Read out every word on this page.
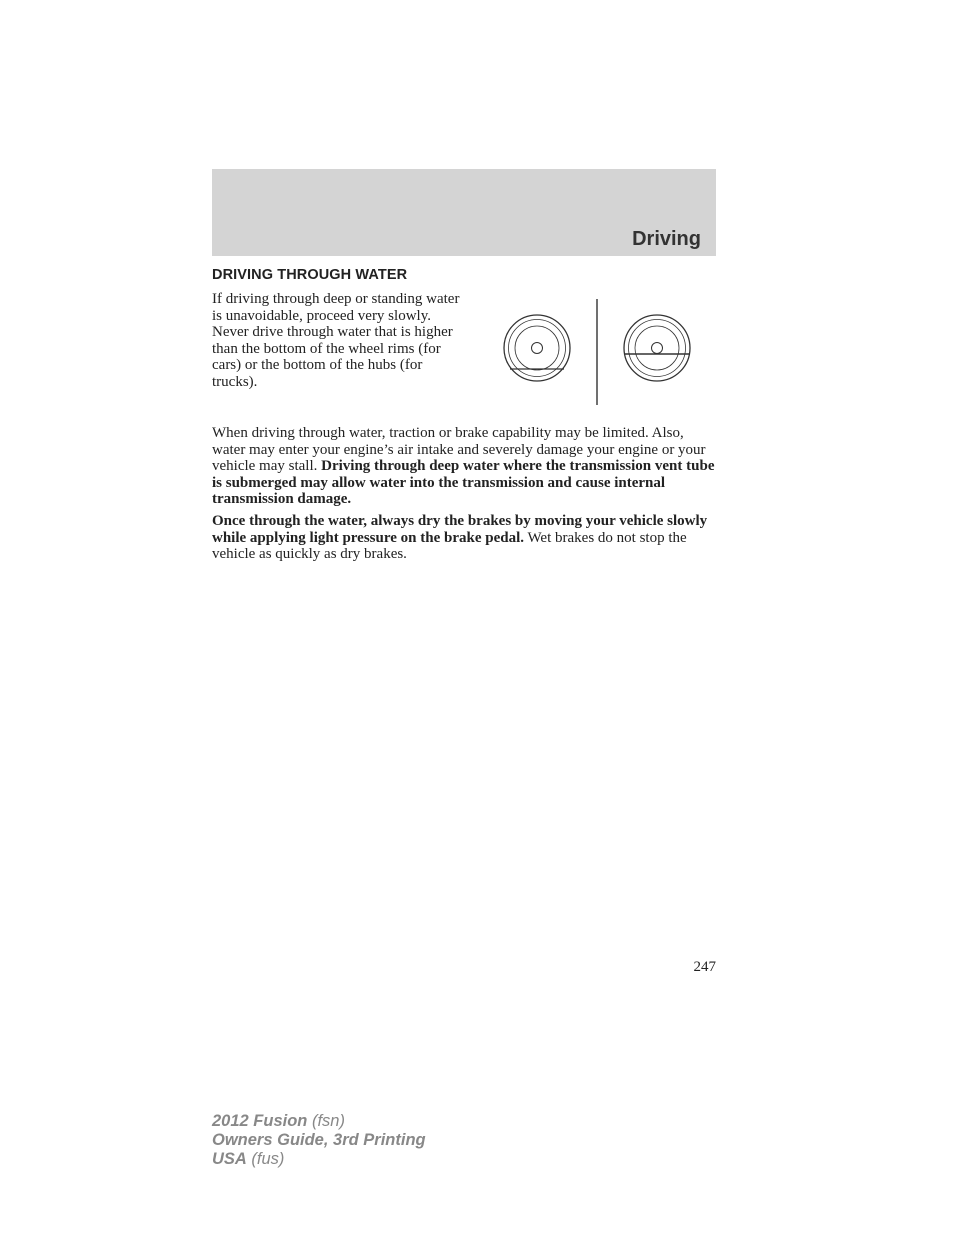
Driving
DRIVING THROUGH WATER

If driving through deep or standing water is unavoidable, proceed very slowly. Never drive through water that is higher than the bottom of the wheel rims (for cars) or the bottom of the hubs (for trucks).

When driving through water, traction or brake capability may be limited. Also, water may enter your engine’s air intake and severely damage your engine or your vehicle may stall. Driving through deep water where the transmission vent tube is submerged may allow water into the transmission and cause internal transmission damage.

Once through the water, always dry the brakes by moving your vehicle slowly while applying light pressure on the brake pedal. Wet brakes do not stop the vehicle as quickly as dry brakes.

247

2012 Fusion (fsn)
Owners Guide, 3rd Printing
USA (fus)
